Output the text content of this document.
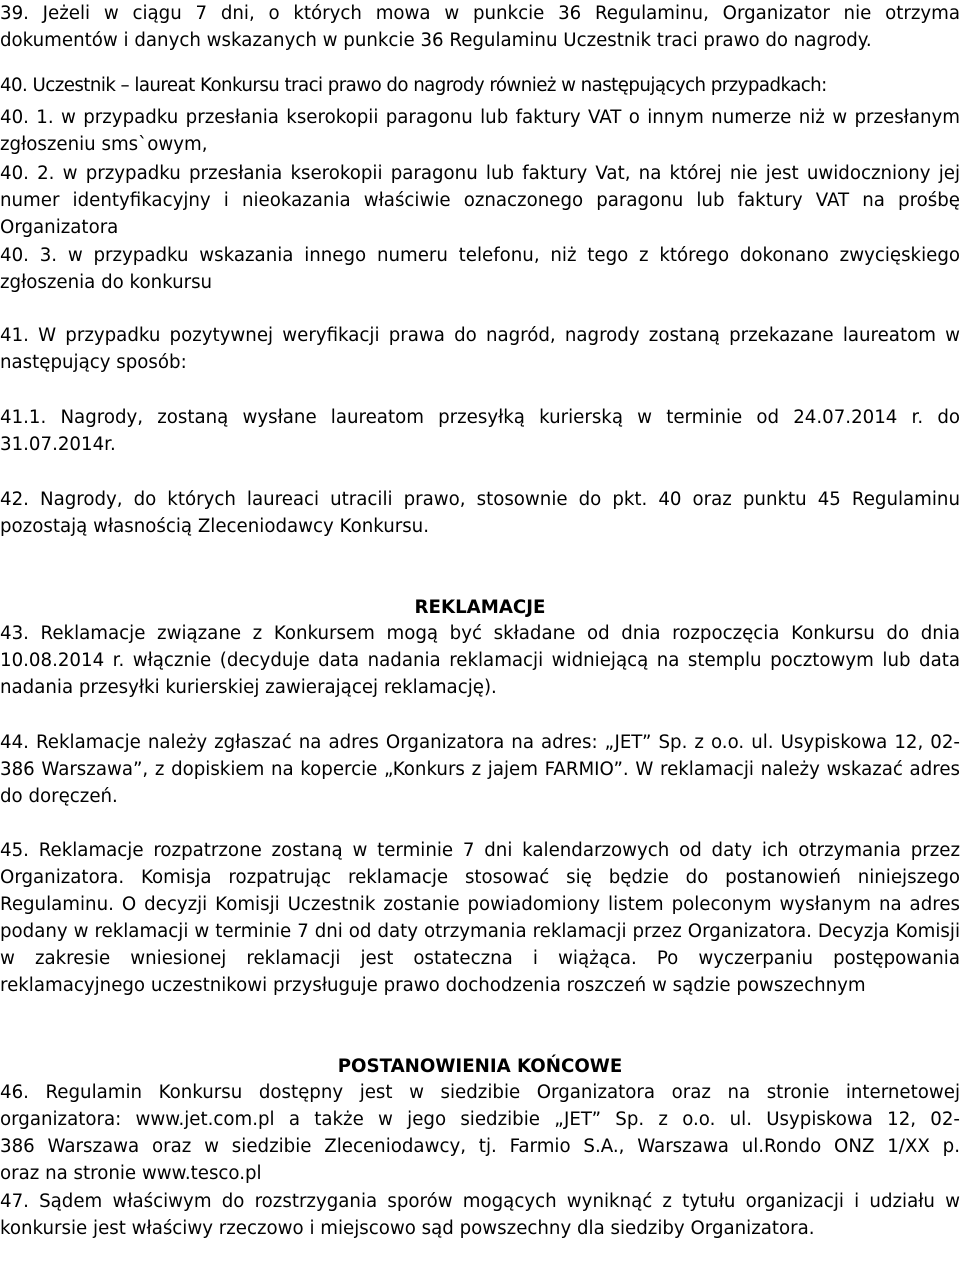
39. Jeżeli w ciągu 7 dni, o których mowa w punkcie 36 Regulaminu, Organizator nie otrzyma dokumentów i danych wskazanych w punkcie 36 Regulaminu Uczestnik traci prawo do nagrody.

40. Uczestnik – laureat Konkursu traci prawo do nagrody również w następujących przypadkach:

40. 1. w przypadku przesłania kserokopii paragonu lub faktury VAT o innym numerze niż w przesłanym zgłoszeniu sms`owym,

40. 2. w przypadku przesłania kserokopii paragonu lub faktury Vat, na której nie jest uwidoczniony jej numer identyfikacyjny i nieokazania właściwie oznaczonego paragonu lub faktury VAT na prośbę Organizatora

40. 3. w przypadku wskazania innego numeru telefonu, niż tego z którego dokonano zwycięskiego zgłoszenia do konkursu

41. W przypadku pozytywnej weryfikacji prawa do nagród, nagrody zostaną przekazane laureatom w następujący sposób:

41.1. Nagrody, zostaną wysłane laureatom przesyłką kurierską w terminie od 24.07.2014 r. do 31.07.2014r.

42. Nagrody, do których laureaci utracili prawo, stosownie do pkt. 40 oraz punktu 45 Regulaminu pozostają własnością Zleceniodawcy Konkursu.

REKLAMACJE

43. Reklamacje związane z Konkursem mogą być składane od dnia rozpoczęcia Konkursu do dnia 10.08.2014 r. włącznie (decyduje data nadania reklamacji widniejącą na stemplu pocztowym lub data nadania przesyłki kurierskiej zawierającej reklamację).

44. Reklamacje należy zgłaszać na adres Organizatora na adres: „JET” Sp. z o.o. ul. Usypiskowa 12, 02-386 Warszawa”, z dopiskiem na kopercie „Konkurs z jajem FARMIO”. W reklamacji należy wskazać adres do doręczeń.

45. Reklamacje rozpatrzone zostaną w terminie 7 dni kalendarzowych od daty ich otrzymania przez Organizatora. Komisja rozpatrując reklamacje stosować się będzie do postanowień niniejszego Regulaminu. O decyzji Komisji Uczestnik zostanie powiadomiony listem poleconym wysłanym na adres podany w reklamacji w terminie 7 dni od daty otrzymania reklamacji przez Organizatora. Decyzja Komisji w zakresie wniesionej reklamacji jest ostateczna i wiążąca. Po wyczerpaniu postępowania reklamacyjnego uczestnikowi przysługuje prawo dochodzenia roszczeń w sądzie powszechnym

POSTANOWIENIA KOŃCOWE
46. Regulamin Konkursu dostępny jest w siedzibie Organizatora oraz na stronie internetowej
organizatora: www.jet.com.pl a także w jego siedzibie „JET” Sp. z o.o. ul. Usypiskowa 12, 02-
386 Warszawa oraz w siedzibie Zleceniodawcy, tj. Farmio S.A., Warszawa ul.Rondo ONZ 1/XX p.
oraz na stronie www.tesco.pl

47. Sądem właściwym do rozstrzygania sporów mogących wyniknąć z tytułu organizacji i udziału w konkursie jest właściwy rzeczowo i miejscowo sąd powszechny dla siedziby Organizatora.
